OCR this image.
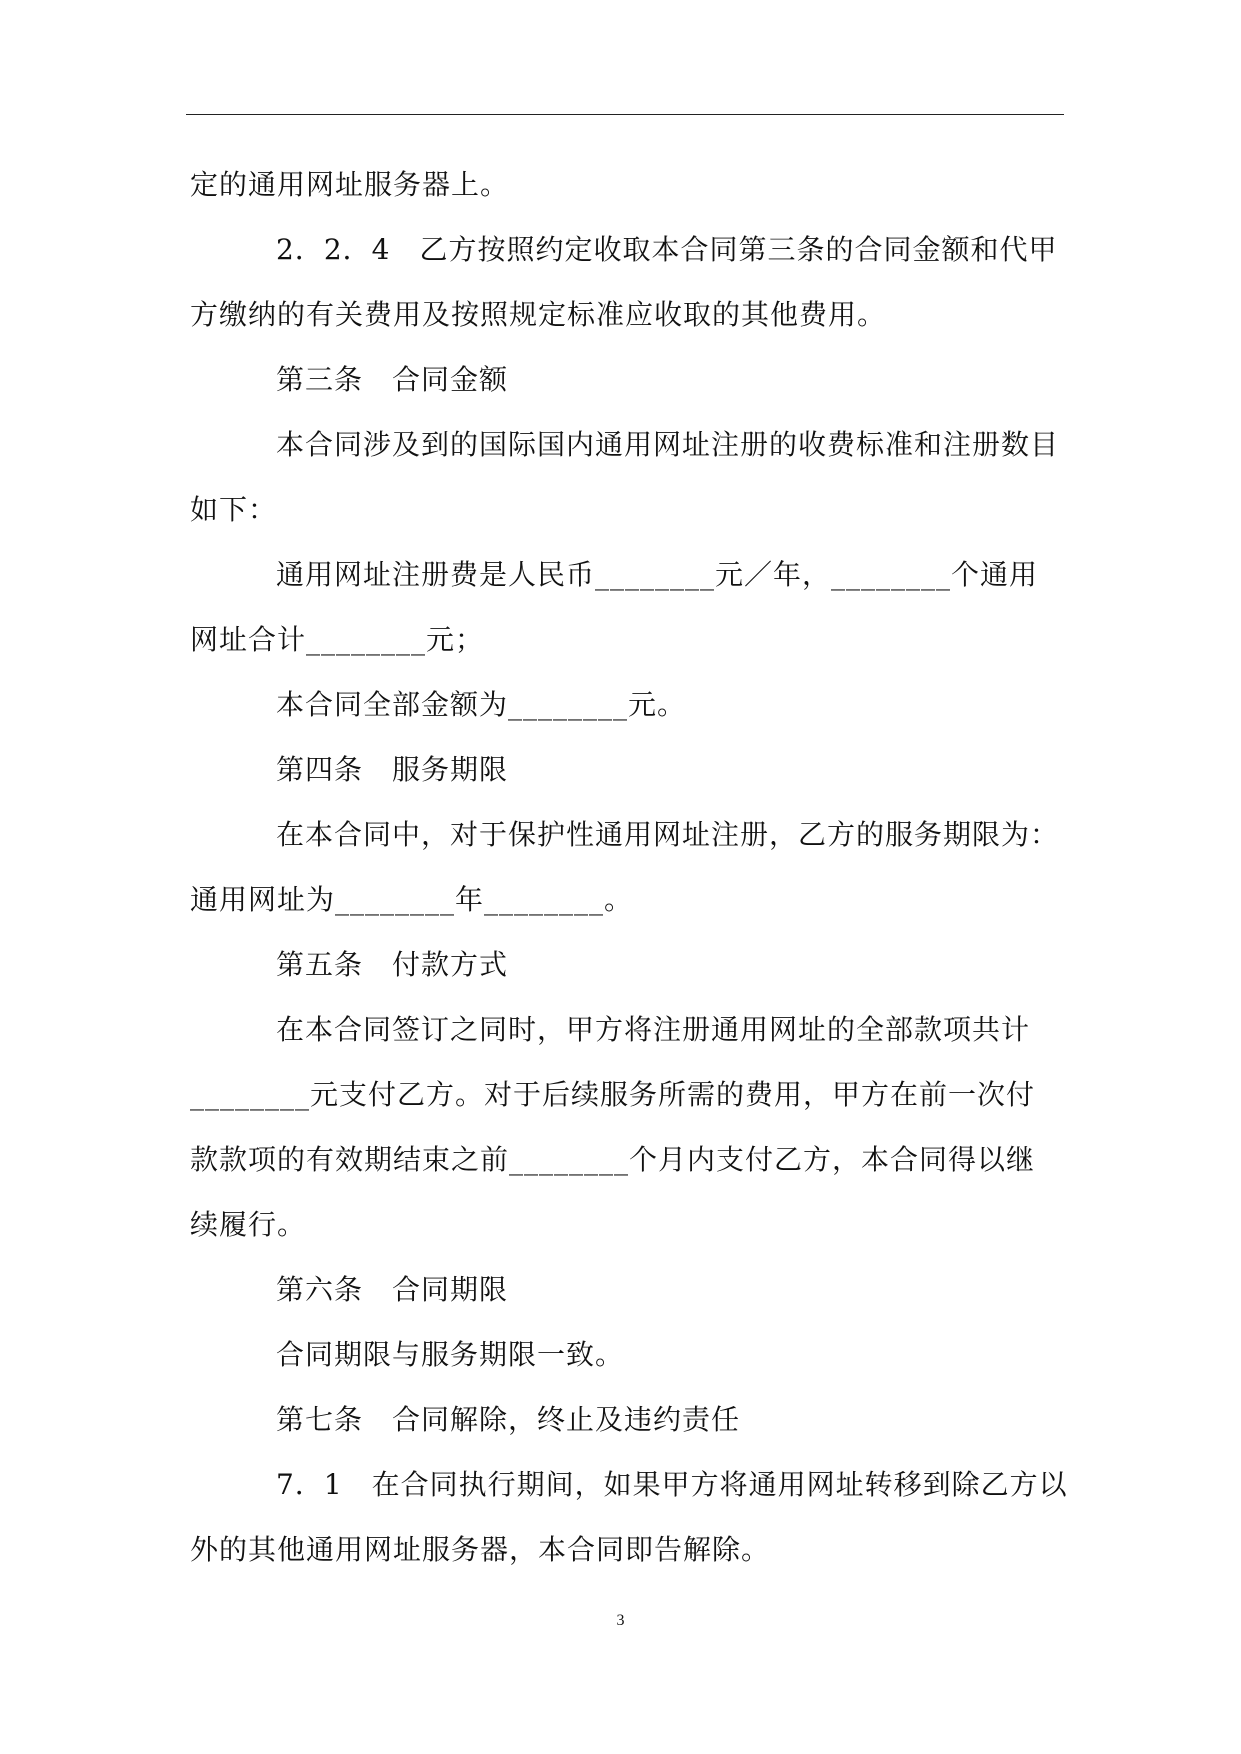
定的通用网址服务器上。

2．2．4　乙方按照约定收取本合同第三条的合同金额和代甲

方缴纳的有关费用及按照规定标准应收取的其他费用。

第三条　合同金额

本合同涉及到的国际国内通用网址注册的收费标准和注册数目

如下：

通用网址注册费是人民币________元／年，________个通用

网址合计________元；

本合同全部金额为________元。

第四条　服务期限

在本合同中，对于保护性通用网址注册，乙方的服务期限为：

通用网址为________年________。

第五条　付款方式

在本合同签订之同时，甲方将注册通用网址的全部款项共计

________元支付乙方。对于后续服务所需的费用，甲方在前一次付

款款项的有效期结束之前________个月内支付乙方，本合同得以继

续履行。

第六条　合同期限

合同期限与服务期限一致。

第七条　合同解除，终止及违约责任

7．1　在合同执行期间，如果甲方将通用网址转移到除乙方以

外的其他通用网址服务器，本合同即告解除。

3
